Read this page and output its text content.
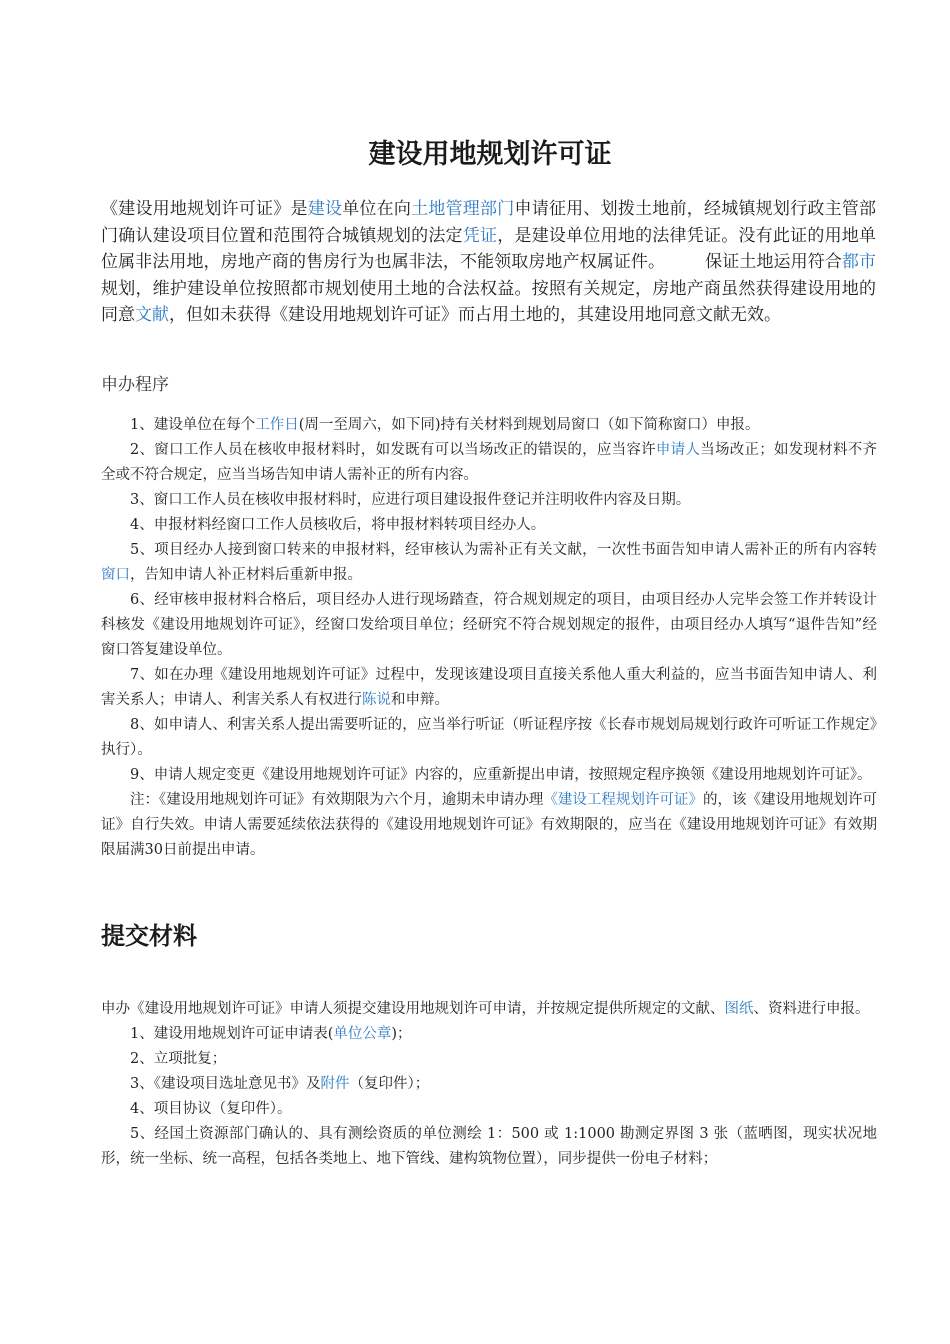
建设用地规划许可证

《建设用地规划许可证》是建设单位在向土地管理部门申请征用、划拨土地前，经城镇规划行政主管部门确认建设项目位置和范围符合城镇规划的法定凭证，是建设单位用地的法律凭证。没有此证的用地单位属非法用地，房地产商的售房行为也属非法，不能领取房地产权属证件。 保证土地运用符合都市规划，维护建设单位按照都市规划使用土地的合法权益。按照有关规定，房地产商虽然获得建设用地的同意文献，但如未获得《建设用地规划许可证》而占用土地的，其建设用地同意文献无效。

申办程序

1、建设单位在每个工作日(周一至周六，如下同)持有关材料到规划局窗口（如下简称窗口）申报。

2、窗口工作人员在核收申报材料时，如发既有可以当场改正的错误的，应当容许申请人当场改正；如发现材料不齐全或不符合规定，应当当场告知申请人需补正的所有内容。

3、窗口工作人员在核收申报材料时，应进行项目建设报件登记并注明收件内容及日期。

4、申报材料经窗口工作人员核收后，将申报材料转项目经办人。

5、项目经办人接到窗口转来的申报材料，经审核认为需补正有关文献，一次性书面告知申请人需补正的所有内容转窗口，告知申请人补正材料后重新申报。

6、经审核申报材料合格后，项目经办人进行现场踏查，符合规划规定的项目，由项目经办人完毕会签工作并转设计科核发《建设用地规划许可证》，经窗口发给项目单位；经研究不符合规划规定的报件，由项目经办人填写“退件告知”经窗口答复建设单位。

7、如在办理《建设用地规划许可证》过程中，发现该建设项目直接关系他人重大利益的，应当书面告知申请人、利害关系人；申请人、利害关系人有权进行陈说和申辩。

8、如申请人、利害关系人提出需要听证的，应当举行听证（听证程序按《长春市规划局规划行政许可听证工作规定》执行）。

9、申请人规定变更《建设用地规划许可证》内容的，应重新提出申请，按照规定程序换领《建设用地规划许可证》。

注：《建设用地规划许可证》有效期限为六个月，逾期未申请办理《建设工程规划许可证》的，该《建设用地规划许可证》自行失效。申请人需要延续依法获得的《建设用地规划许可证》有效期限的，应当在《建设用地规划许可证》有效期限届满30日前提出申请。

提交材料

申办《建设用地规划许可证》申请人须提交建设用地规划许可申请，并按规定提供所规定的文献、图纸、资料进行申报。

1、建设用地规划许可证申请表(单位公章)；

2、立项批复；

3、《建设项目选址意见书》及附件（复印件）；

4、项目协议（复印件）。

5、经国土资源部门确认的、具有测绘资质的单位测绘 1：500 或 1:1000 勘测定界图 3 张（蓝晒图，现实状况地形，统一坐标、统一高程，包括各类地上、地下管线、建构筑物位置），同步提供一份电子材料；
